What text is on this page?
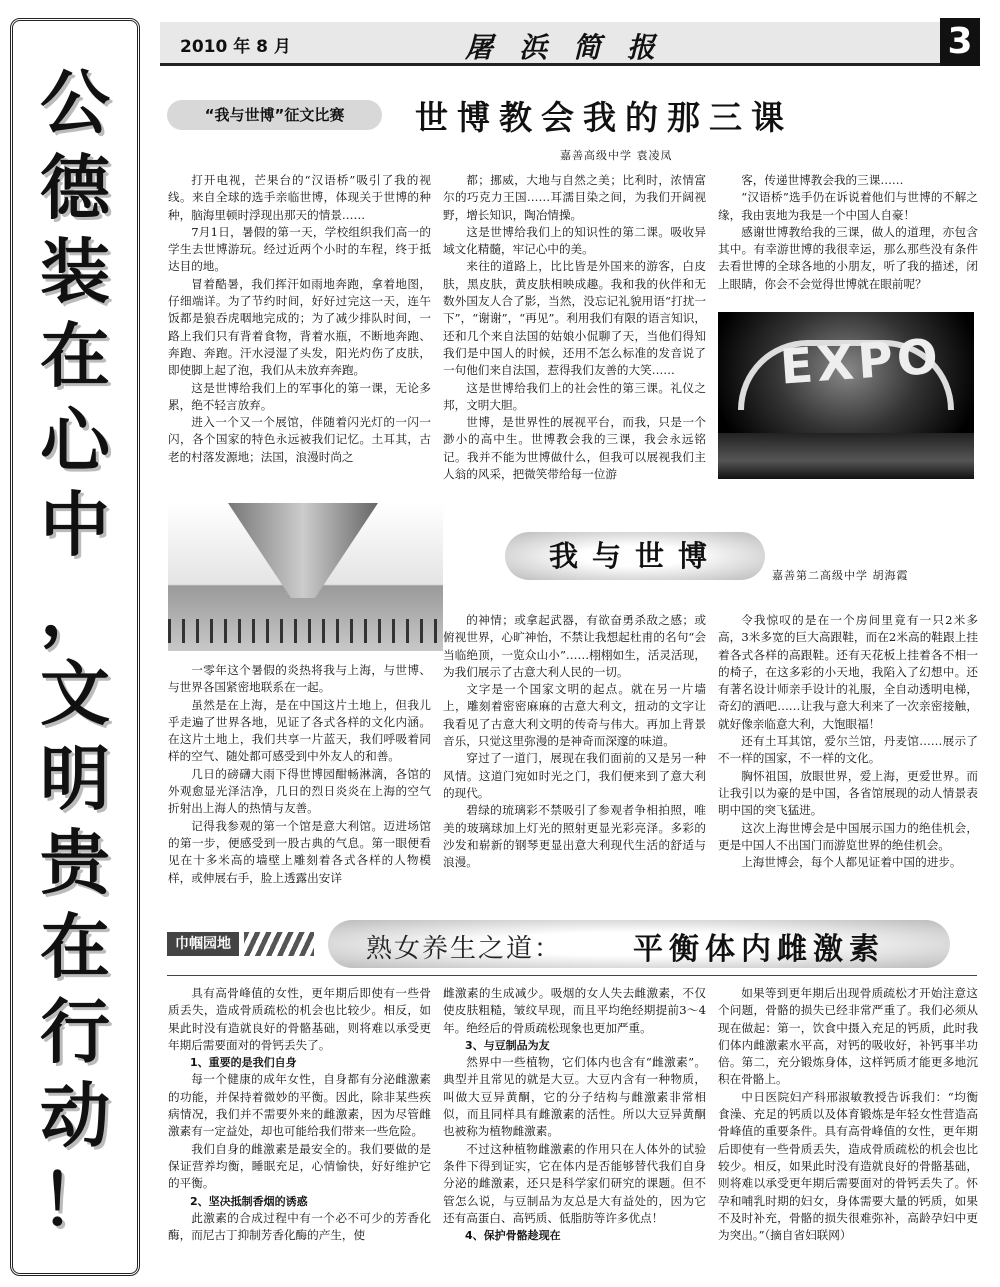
公
德
装
在
心
中
，
文
明
贵
在
行
动
！
2010 年 8 月	屠浜简报	3
“我与世博”征文比赛	世博教会我的那三课
嘉善高级中学 袁凌凤

打开电视，芒果台的“汉语桥”吸引了我的视线。来自全球的选手亲临世博，体现关于世博的种种，脑海里顿时浮现出那天的情景……

7月1日，暑假的第一天，学校组织我们高一的学生去世博游玩。经过近两个小时的车程，终于抵达目的地。

冒着酷暑，我们挥汗如雨地奔跑，拿着地图，仔细端详。为了节约时间，好好过完这一天，连午饭都是狼吞虎咽地完成的；为了减少排队时间，一路上我们只有背着食物，背着水瓶，不断地奔跑、奔跑、奔跑。汗水浸湿了头发，阳光灼伤了皮肤，即使脚上起了泡，我们从未放弃奔跑。

这是世博给我们上的军事化的第一课，无论多累，绝不轻言放弃。

进入一个又一个展馆，伴随着闪光灯的一闪一闪，各个国家的特色永远被我们记忆。土耳其，古老的村落发源地；法国，浪漫时尚之

都；挪威，大地与自然之美；比利时，浓情富尔的巧克力王国……耳濡目染之间，为我们开阔视野，增长知识，陶冶情操。

这是世博给我们上的知识性的第二课。吸收异域文化精髓，牢记心中的美。

来往的道路上，比比皆是外国来的游客，白皮肤，黑皮肤，黄皮肤相映成趣。我和我的伙伴和无数外国友人合了影，当然，没忘记礼貌用语“打扰一下”，“谢谢”，“再见”。利用我们有限的语言知识，还和几个来自法国的姑娘小侃聊了天，当他们得知我们是中国人的时候，还用不怎么标准的发音说了一句他们来自法国，惹得我们友善的大笑……

这是世博给我们上的社会性的第三课。礼仪之邦，文明大胆。

世博，是世界性的展视平台，而我，只是一个渺小的高中生。世博教会我的三课，我会永远铭记。我并不能为世博做什么，但我可以展视我们主人翁的风采，把微笑带给每一位游

客，传递世博教会我的三课……

“汉语桥”选手仍在诉说着他们与世博的不解之缘，我由衷地为我是一个中国人自豪！

感谢世博教给我的三课，做人的道理，亦包含其中。有幸游世博的我很幸运，那么那些没有条件去看世博的全球各地的小朋友，听了我的描述，闭上眼睛，你会不会觉得世博就在眼前呢？

EXPO
我与世博
嘉善第二高级中学 胡海霞

一零年这个暑假的炎热将我与上海，与世博、与世界各国紧密地联系在一起。

虽然是在上海，是在中国这片土地上，但我儿乎走遍了世界各地，见证了各式各样的文化内涵。在这片土地上，我们共享一片蓝天，我们呼吸着同样的空气、随处都可感受到中外友人的和善。

几日的磅礴大雨下得世博园酣畅淋漓，各馆的外观愈显光泽洁净，几日的烈日炎炎在上海的空气折射出上海人的热情与友善。

记得我参观的第一个馆是意大利馆。迈进场馆的第一步，便感受到一股古典的气息。第一眼便看见在十多米高的墙壁上雕刻着各式各样的人物模样，或伸展右手，脸上透露出安详

的神情；或拿起武器，有欲奋勇杀敌之感；或俯视世界，心旷神怡，不禁让我想起杜甫的名句“会当临绝顶，一览众山小”……栩栩如生，活灵活现，为我们展示了古意大利人民的一切。

文字是一个国家文明的起点。就在另一片墙上，雕刻着密密麻麻的古意大利文，扭动的文字让我看见了古意大利文明的传奇与伟大。再加上背景音乐，只觉这里弥漫的是神奇而深邃的味道。

穿过了一道门，展现在我们面前的又是另一种风情。这道门宛如时光之门，我们便来到了意大利的现代。

碧绿的琉璃彩不禁吸引了参观者争相拍照，唯美的玻璃球加上灯光的照射更显光彩亮泽。多彩的沙发和崭新的钢琴更显出意大利现代生活的舒适与浪漫。

令我惊叹的是在一个房间里竟有一只2米多高，3米多宽的巨大高跟鞋，而在2米高的鞋跟上挂着各式各样的高跟鞋。还有天花板上挂着各不相一的椅子，在这多彩的小天地，我陷入了幻想中。还有著名设计师亲手设计的礼服，全自动透明电梯，奇幻的酒吧……让我与意大利来了一次亲密接触，就好像亲临意大利，大饱眼福！

还有土耳其馆，爱尔兰馆，丹麦馆……展示了不一样的国家，不一样的文化。

胸怀祖国，放眼世界，爱上海，更爱世界。而让我引以为豪的是中国，各省馆展现的动人情景表明中国的突飞猛进。

这次上海世博会是中国展示国力的绝佳机会，更是中国人不出国门而游览世界的绝佳机会。

上海世博会，每个人都见证着中国的进步。

巾帼园地	熟女养生之道： 平衡体内雌激素

具有高骨峰值的女性，更年期后即使有一些骨质丢失，造成骨质疏松的机会也比较少。相反，如果此时没有造就良好的骨骼基础，则将难以承受更年期后需要面对的骨钙丢失了。

1、重要的是我们自身

每一个健康的成年女性，自身都有分泌雌激素的功能，并保持着微妙的平衡。因此，除非某些疾病情况，我们并不需要外来的雌激素，因为尽管雌激素有一定益处，却也可能给我们带来一些危险。

我们自身的雌激素是最安全的。我们要做的是保证营养均衡，睡眠充足，心情愉快，好好维护它的平衡。

2、坚决抵制香烟的诱惑

此激素的合成过程中有一个必不可少的芳香化酶，而尼古丁抑制芳香化酶的产生，使

雌激素的生成减少。吸烟的女人失去雌激素，不仅使皮肤粗糙，皱纹早现，而且平均绝经期提前3～4年。绝经后的骨质疏松现象也更加严重。

3、与豆制品为友

然界中一些植物，它们体内也含有“雌激素”。典型并且常见的就是大豆。大豆内含有一种物质，叫做大豆异黄酮，它的分子结构与雌激素非常相似，而且同样具有雌激素的活性。所以大豆异黄酮也被称为植物雌激素。

不过这种植物雌激素的作用只在人体外的试验条件下得到证实，它在体内是否能够替代我们自身分泌的雌激素，还只是科学家们研究的课题。但不管怎么说，与豆制品为友总是大有益处的，因为它还有高蛋白、高钙质、低脂肪等许多优点！

4、保护骨骼趁现在

如果等到更年期后出现骨质疏松才开始注意这个问题，骨骼的损失已经非常严重了。我们必须从现在做起：第一，饮食中摄入充足的钙质，此时我们体内雌激素水平高，对钙的吸收好，补钙事半功倍。第二，充分锻炼身体，这样钙质才能更多地沉积在骨骼上。

中日医院妇产科邢淑敏教授告诉我们：“均衡食澡、充足的钙质以及体育锻炼是年轻女性营造高骨峰值的重要条件。具有高骨峰值的女性，更年期后即使有一些骨质丢失，造成骨质疏松的机会也比较少。相反，如果此时没有造就良好的骨骼基础，则将难以承受更年期后需要面对的骨钙丢失了。怀孕和哺乳时期的妇女，身体需要大量的钙质，如果不及时补充，骨骼的损失很难弥补，高龄孕妇中更为突出。”（摘自省妇联网）
